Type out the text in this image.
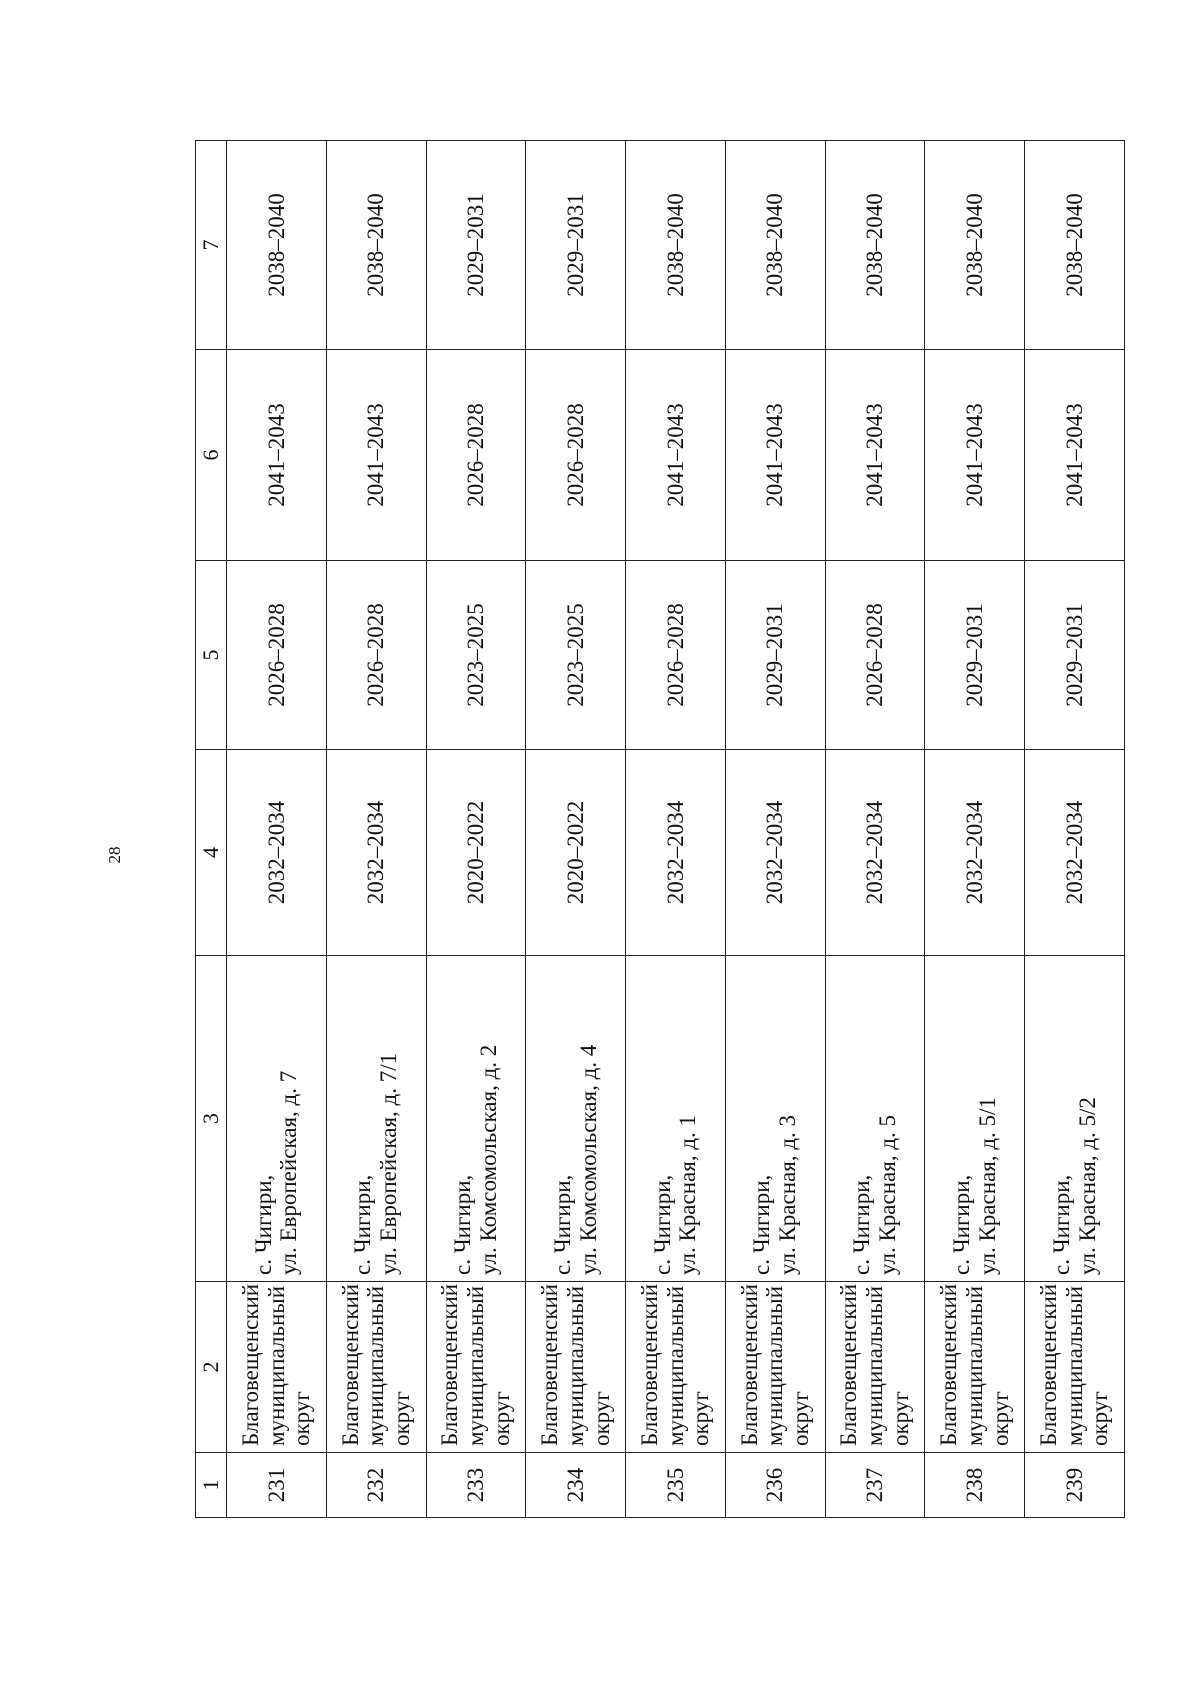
28
1	2	3	4	5	6	7
231	Благовещенский муниципальный округ	с. Чигири, ул. Европейская, д. 7	2032–2034	2026–2028	2041–2043	2038–2040
232	Благовещенский муниципальный округ	с. Чигири, ул. Европейская, д. 7/1	2032–2034	2026–2028	2041–2043	2038–2040
233	Благовещенский муниципальный округ	с. Чигири, ул. Комсомольская, д. 2	2020–2022	2023–2025	2026–2028	2029–2031
234	Благовещенский муниципальный округ	с. Чигири, ул. Комсомольская, д. 4	2020–2022	2023–2025	2026–2028	2029–2031
235	Благовещенский муниципальный округ	с. Чигири, ул. Красная, д. 1	2032–2034	2026–2028	2041–2043	2038–2040
236	Благовещенский муниципальный округ	с. Чигири, ул. Красная, д. 3	2032–2034	2029–2031	2041–2043	2038–2040
237	Благовещенский муниципальный округ	с. Чигири, ул. Красная, д. 5	2032–2034	2026–2028	2041–2043	2038–2040
238	Благовещенский муниципальный округ	с. Чигири, ул. Красная, д. 5/1	2032–2034	2029–2031	2041–2043	2038–2040
239	Благовещенский муниципальный округ	с. Чигири, ул. Красная, д. 5/2	2032–2034	2029–2031	2041–2043	2038–2040
